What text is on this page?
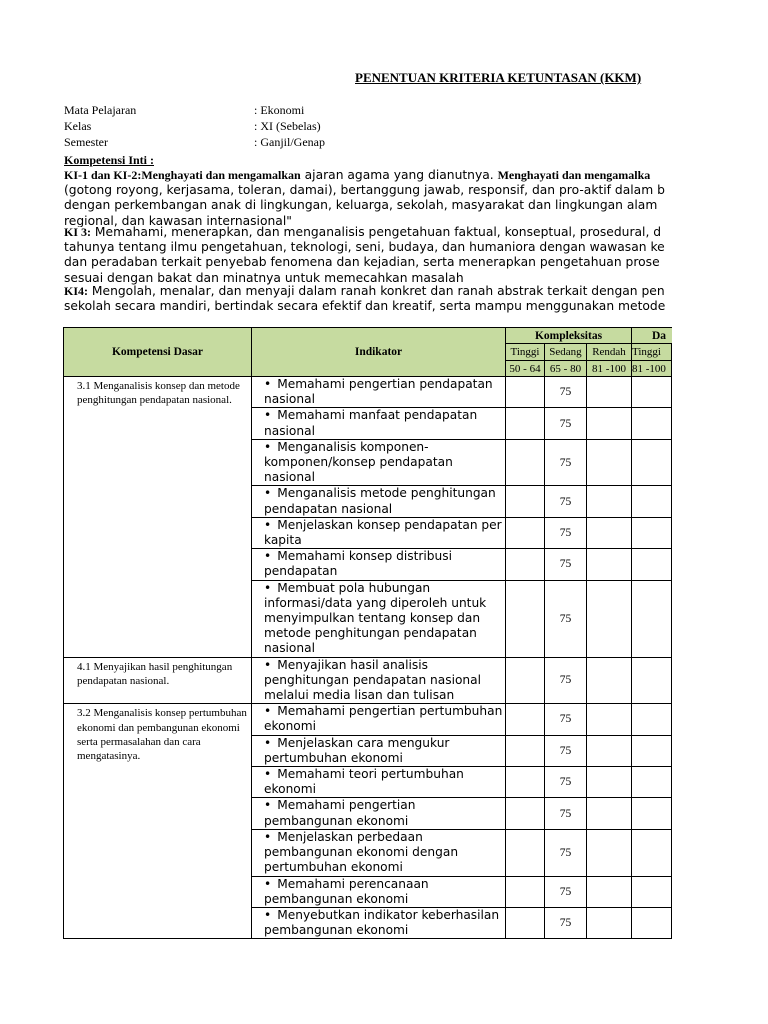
PENENTUAN KRITERIA KETUNTASAN (KKM)
Mata Pelajaran	: Ekonomi
Kelas	: XI (Sebelas)
Semester	: Ganjil/Genap
Kompetensi Inti :
KI-1 dan KI-2:Menghayati dan mengamalkan ajaran agama yang dianutnya. Menghayati dan mengamalka
(gotong royong, kerjasama, toleran, damai), bertanggung jawab, responsif, dan pro-aktif dalam b
dengan perkembangan anak di lingkungan, keluarga, sekolah, masyarakat dan lingkungan alam
regional, dan kawasan internasional"
KI 3: Memahami, menerapkan, dan menganalisis pengetahuan faktual, konseptual, prosedural, d
tahunya tentang ilmu pengetahuan, teknologi, seni, budaya, dan humaniora dengan wawasan ke
dan peradaban terkait penyebab fenomena dan kejadian, serta menerapkan pengetahuan prose
sesuai dengan bakat dan minatnya untuk memecahkan masalah
KI4: Mengolah, menalar, dan menyaji dalam ranah konkret dan ranah abstrak terkait dengan pen
sekolah secara mandiri, bertindak secara efektif dan kreatif, serta mampu menggunakan metode
Kompetensi Dasar	Indikator	Kompleksitas			Da	
		Tinggi	Sedang	Rendah	Tinggi	
		50 - 64	65 - 80	81 -100	81 -100	
3.1 Menganalisis konsep dan metode penghitungan pendapatan nasional.	• Memahami pengertian pendapatan nasional		75			
	• Memahami manfaat pendapatan nasional		75			
	• Menganalisis komponen-komponen/konsep pendapatan nasional		75			
	• Menganalisis metode penghitungan pendapatan nasional		75			
	• Menjelaskan konsep pendapatan per kapita		75			
	• Memahami konsep distribusi pendapatan		75			
	• Membuat pola hubungan informasi/data yang diperoleh untuk menyimpulkan tentang konsep dan metode penghitungan pendapatan nasional		75			
4.1 Menyajikan hasil penghitungan pendapatan nasional.	• Menyajikan hasil analisis penghitungan pendapatan nasional melalui media lisan dan tulisan		75			
3.2 Menganalisis konsep pertumbuhan ekonomi dan pembangunan ekonomi serta permasalahan dan cara mengatasinya.	• Memahami pengertian pertumbuhan ekonomi		75			
	• Menjelaskan cara mengukur pertumbuhan ekonomi		75			
	• Memahami teori pertumbuhan ekonomi		75			
	• Memahami pengertian pembangunan ekonomi		75			
	• Menjelaskan perbedaan pembangunan ekonomi dengan pertumbuhan ekonomi		75			
	• Memahami perencanaan pembangunan ekonomi		75			
	• Menyebutkan indikator keberhasilan pembangunan ekonomi		75			
